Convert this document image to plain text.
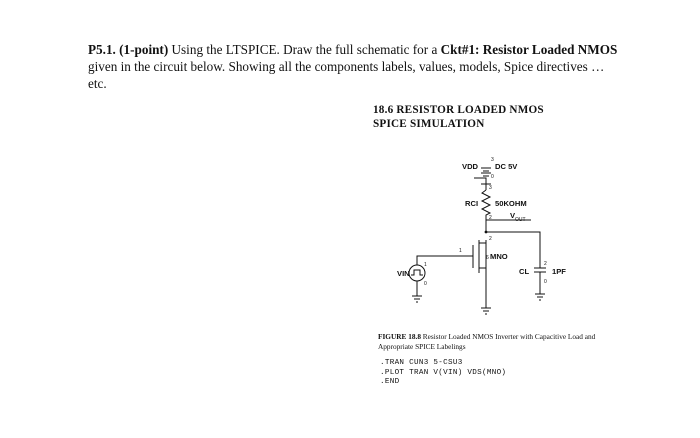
P5.1. (1-point) Using the LTSPICE. Draw the full schematic for a Ckt#1: Resistor Loaded NMOS given in the circuit below. Showing all the components labels, values, models, Spice directives … etc.
18.6 RESISTOR LOADED NMOS
SPICE SIMULATION
VDD DC 5V
3
0
3
RCI 50KOHM
2 V OUT
2
1
MNO
6
VIN
1
0
CL	1PF
2
0
FIGURE 18.8 Resistor Loaded NMOS Inverter with Capacitive Load and Appropriate SPICE Labelings
.TRAN CUN3 5-CSU3
.PLOT TRAN V(VIN) VDS(MNO)
.END
